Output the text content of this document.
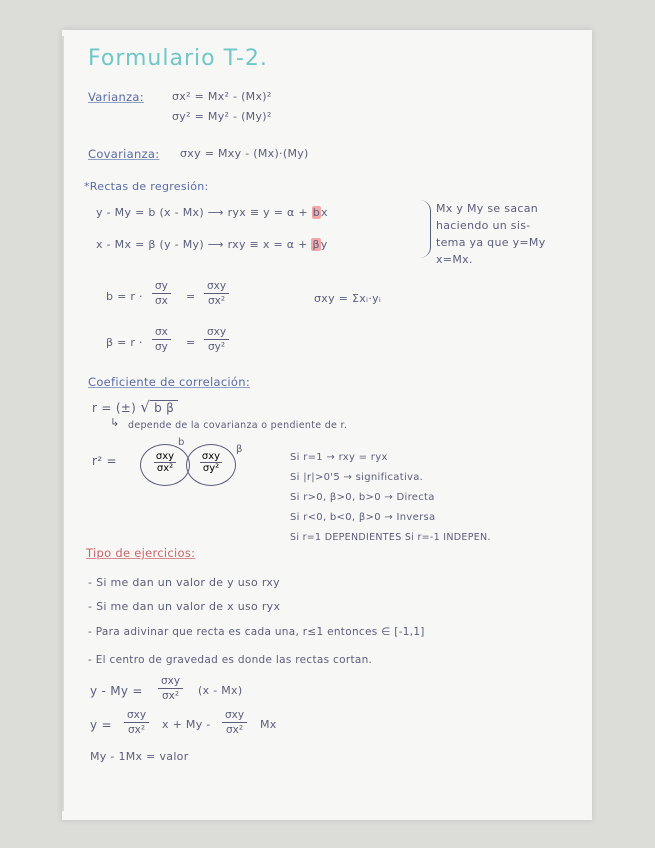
Formulario T-2.
Varianza:	σx² = Mx² - (Mx)²
σy² = My² - (My)²
Covarianza: σxy = Mxy - (Mx)·(My)
*Rectas de regresión:
y - My = b (x - Mx) ⟶ ryx ≡ y = α + bx
x - Mx = β (y - My) ⟶ rxy ≡ x = α + βy
Mx y My se sacan
haciendo un sis-
tema ya que y=My
x=Mx.
$b = r \cdot \frac{\sigma y}{\sigma x}$ =
σxy
σx²	σxy = Σxᵢ·yᵢ
$\beta = r \cdot \frac{\sigma x}{\sigma y}$ =
σxy
σy²
Coeficiente de correlación:
r = (±) √ b β
↳ depende de la covarianza o pendiente de r.
r² =
b
β
σxy
σx²
σxy
σy²
Si r=1 → rxy = ryx
Si |r|>0'5 → significativa.
Si r>0, β>0, b>0 → Directa
Si r<0, b<0, β>0 → Inversa
Si r=1 DEPENDIENTES Si r=-1 INDEPEN.
Tipo de ejercicios:
- Si me dan un valor de y uso rxy
- Si me dan un valor de x uso ryx
- Para adivinar que recta es cada una, r≤1 entonces ∈ [-1,1]
- El centro de gravedad es donde las rectas cortan.
y - My =
σxy
σx² (x - Mx)
y =
σxy
σx² x + My -
σxy
σx² Mx
My - 1Mx = valor
